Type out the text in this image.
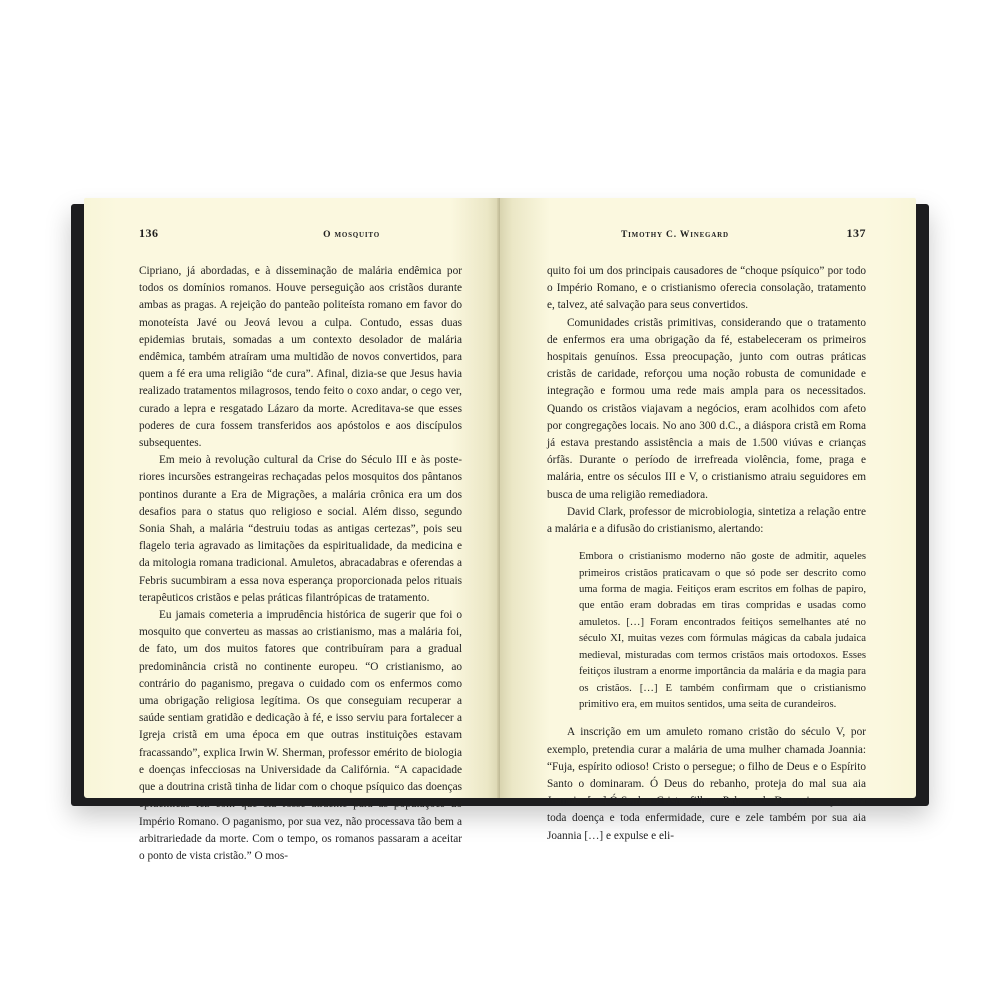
136	O mosquito

Cipriano, já abordadas, e à disseminação de malária endêmica por todos os domínios romanos. Houve perseguição aos cristãos durante ambas as pragas. A rejeição do panteão politeísta romano em favor do monoteísta Javé ou Jeová levou a culpa. Contudo, essas duas epidemias brutais, somadas a um contexto desolador de malária endêmica, também atraíram uma multidão de novos convertidos, para quem a fé era uma religião “de cura”. Afinal, dizia-se que Jesus havia realizado tratamentos milagrosos, tendo feito o coxo andar, o cego ver, curado a lepra e resgatado Lázaro da morte. Acreditava-se que esses poderes de cura fossem transferidos aos apóstolos e aos discípulos subsequentes.

Em meio à revolução cultural da Crise do Século III e às posteriores incursões estrangeiras rechaçadas pelos mosquitos dos pântanos pontinos durante a Era de Migrações, a malária crônica era um dos desafios para o status quo religioso e social. Além disso, segundo Sonia Shah, a malária “destruiu todas as antigas certezas”, pois seu flagelo teria agravado as limitações da espiritualidade, da medicina e da mitologia romana tradicional. Amuletos, abracadabras e oferendas a Febris sucumbiram a essa nova esperança proporcionada pelos rituais terapêuticos cristãos e pelas práticas filantrópicas de tratamento.

Eu jamais cometeria a imprudência histórica de sugerir que foi o mosquito que converteu as massas ao cristianismo, mas a malária foi, de fato, um dos muitos fatores que contribuíram para a gradual predominância cristã no continente europeu. “O cristianismo, ao contrário do paganismo, pregava o cuidado com os enfermos como uma obrigação religiosa legítima. Os que conseguiam recuperar a saúde sentiam gratidão e dedicação à fé, e isso serviu para fortalecer a Igreja cristã em uma época em que outras instituições estavam fracassando”, explica Irwin W. Sherman, professor emérito de biologia e doenças infecciosas na Universidade da Califórnia. “A capacidade que a doutrina cristã tinha de lidar com o choque psíquico das doenças epidêmicas fez com que ela fosse atraente para as populações do Império Romano. O paganismo, por sua vez, não processava tão bem a arbitrariedade da morte. Com o tempo, os romanos passaram a aceitar o ponto de vista cristão.” O mos-

Timothy C. Winegard	137

quito foi um dos principais causadores de “choque psíquico” por todo o Império Romano, e o cristianismo oferecia consolação, tratamento e, talvez, até salvação para seus convertidos.

Comunidades cristãs primitivas, considerando que o tratamento de enfermos era uma obrigação da fé, estabeleceram os primeiros hospitais genuínos. Essa preocupação, junto com outras práticas cristãs de caridade, reforçou uma noção robusta de comunidade e integração e formou uma rede mais ampla para os necessitados. Quando os cristãos viajavam a negócios, eram acolhidos com afeto por congregações locais. No ano 300 d.C., a diáspora cristã em Roma já estava prestando assistência a mais de 1.500 viúvas e crianças órfãs. Durante o período de irrefreada violência, fome, praga e malária, entre os séculos III e V, o cristianismo atraiu seguidores em busca de uma religião remediadora.

David Clark, professor de microbiologia, sintetiza a relação entre a malária e a difusão do cristianismo, alertando:

Embora o cristianismo moderno não goste de admitir, aqueles primeiros cristãos praticavam o que só pode ser descrito como uma forma de magia. Feitiços eram escritos em folhas de papiro, que então eram dobradas em tiras compridas e usadas como amuletos. […] Foram encontrados feitiços semelhantes até no século XI, muitas vezes com fórmulas mágicas da cabala judaica medieval, misturadas com termos cristãos mais ortodoxos. Esses feitiços ilustram a enorme importância da malária e da magia para os cristãos. […] E também confirmam que o cristianismo primitivo era, em muitos sentidos, uma seita de curandeiros.

A inscrição em um amuleto romano cristão do século V, por exemplo, pretendia curar a malária de uma mulher chamada Joannia: “Fuja, espírito odioso! Cristo o persegue; o filho de Deus e o Espírito Santo o dominaram. Ó Deus do rebanho, proteja do mal sua aia Joannia. […] Ó Senhor Cristo, filho e Palavra do Deus vivo, que cura toda doença e toda enfermidade, cure e zele também por sua aia Joannia […] e expulse e eli-
